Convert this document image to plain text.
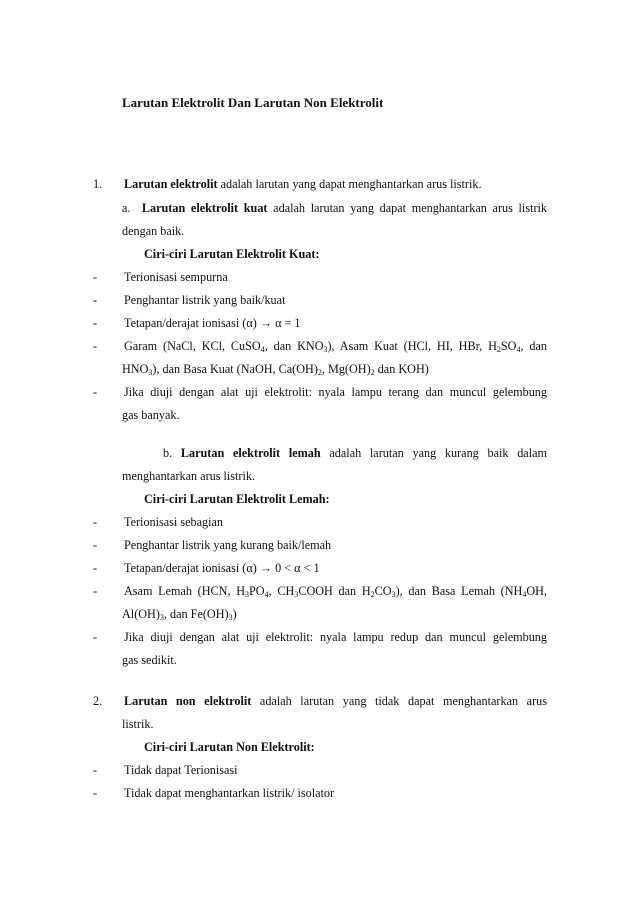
Larutan Elektrolit Dan Larutan Non Elektrolit
1. Larutan elektrolit adalah larutan yang dapat menghantarkan arus listrik.
a. Larutan elektrolit kuat adalah larutan yang dapat menghantarkan arus listrik
dengan baik.
Ciri-ciri Larutan Elektrolit Kuat:
- Terionisasi sempurna
- Penghantar listrik yang baik/kuat
- Tetapan/derajat ionisasi (α) → α = 1
- Garam (NaCl, KCl, CuSO$_4$, dan $KNO_3$), Asam Kuat (HCl, HI, HBr, $H_2SO_4$, dan
$HNO_3$), dan Basa Kuat (NaOH, $Ca(OH)_2$, $Mg(OH)_2$ dan KOH)
- Jika diuji dengan alat uji elektrolit: nyala lampu terang dan muncul gelembung
gas banyak.
b. Larutan elektrolit lemah adalah larutan yang kurang baik dalam
menghantarkan arus listrik.
Ciri-ciri Larutan Elektrolit Lemah:
- Terionisasi sebagian
- Penghantar listrik yang kurang baik/lemah
- Tetapan/derajat ionisasi (α) → 0 < α < 1
- Asam Lemah (HCN, $H_3PO_4$, $CH_3COOH$ dan $H_2CO_3$), dan Basa Lemah ($NH_4OH$,
$Al(OH)_3$, dan $Fe(OH)_3$)
- Jika diuji dengan alat uji elektrolit: nyala lampu redup dan muncul gelembung
gas sedikit.
2. Larutan non elektrolit adalah larutan yang tidak dapat menghantarkan arus
listrik.
Ciri-ciri Larutan Non Elektrolit:
- Tidak dapat Terionisasi
- Tidak dapat menghantarkan listrik/ isolator
